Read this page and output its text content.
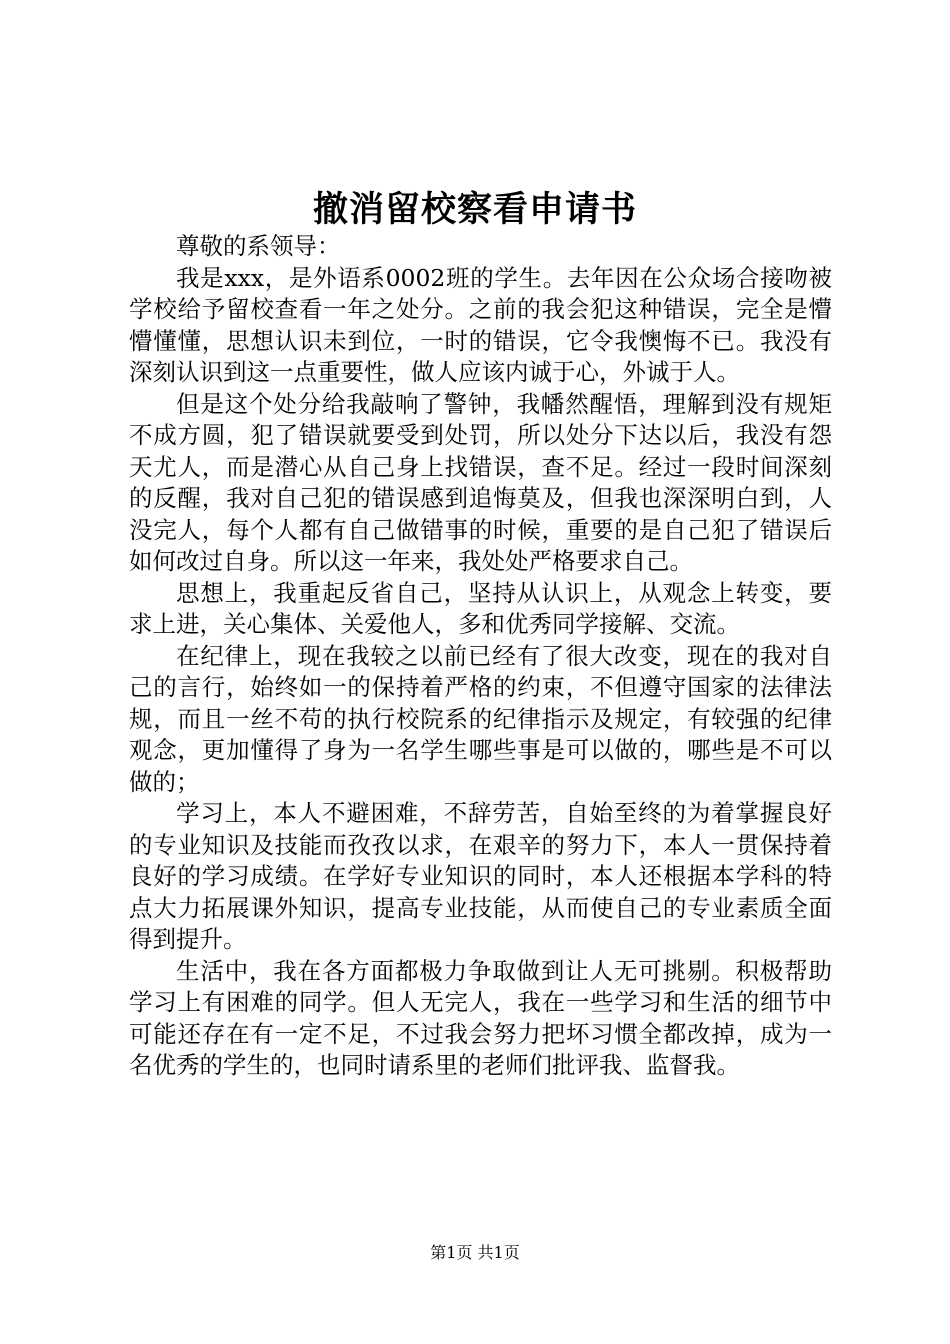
撤消留校察看申请书

尊敬的系领导：

我是xxx，是外语系0002班的学生。去年因在公众场合接吻被学校给予留校查看一年之处分。之前的我会犯这种错误，完全是懵懵懂懂，思想认识未到位，一时的错误，它令我懊悔不已。我没有深刻认识到这一点重要性，做人应该内诚于心，外诚于人。

但是这个处分给我敲响了警钟，我幡然醒悟，理解到没有规矩不成方圆，犯了错误就要受到处罚，所以处分下达以后，我没有怨天尤人，而是潜心从自己身上找错误，查不足。经过一段时间深刻的反醒，我对自己犯的错误感到追悔莫及，但我也深深明白到，人没完人，每个人都有自己做错事的时候，重要的是自己犯了错误后如何改过自身。所以这一年来，我处处严格要求自己。

思想上，我重起反省自己，坚持从认识上，从观念上转变，要求上进，关心集体、关爱他人，多和优秀同学接解、交流。

在纪律上，现在我较之以前已经有了很大改变，现在的我对自己的言行，始终如一的保持着严格的约束，不但遵守国家的法律法规，而且一丝不苟的执行校院系的纪律指示及规定，有较强的纪律观念，更加懂得了身为一名学生哪些事是可以做的，哪些是不可以做的；

学习上，本人不避困难，不辞劳苦，自始至终的为着掌握良好的专业知识及技能而孜孜以求，在艰辛的努力下，本人一贯保持着良好的学习成绩。在学好专业知识的同时，本人还根据本学科的特点大力拓展课外知识，提高专业技能，从而使自己的专业素质全面得到提升。

生活中，我在各方面都极力争取做到让人无可挑剔。积极帮助学习上有困难的同学。但人无完人，我在一些学习和生活的细节中可能还存在有一定不足，不过我会努力把坏习惯全都改掉，成为一名优秀的学生的，也同时请系里的老师们批评我、监督我。

第1页 共1页
